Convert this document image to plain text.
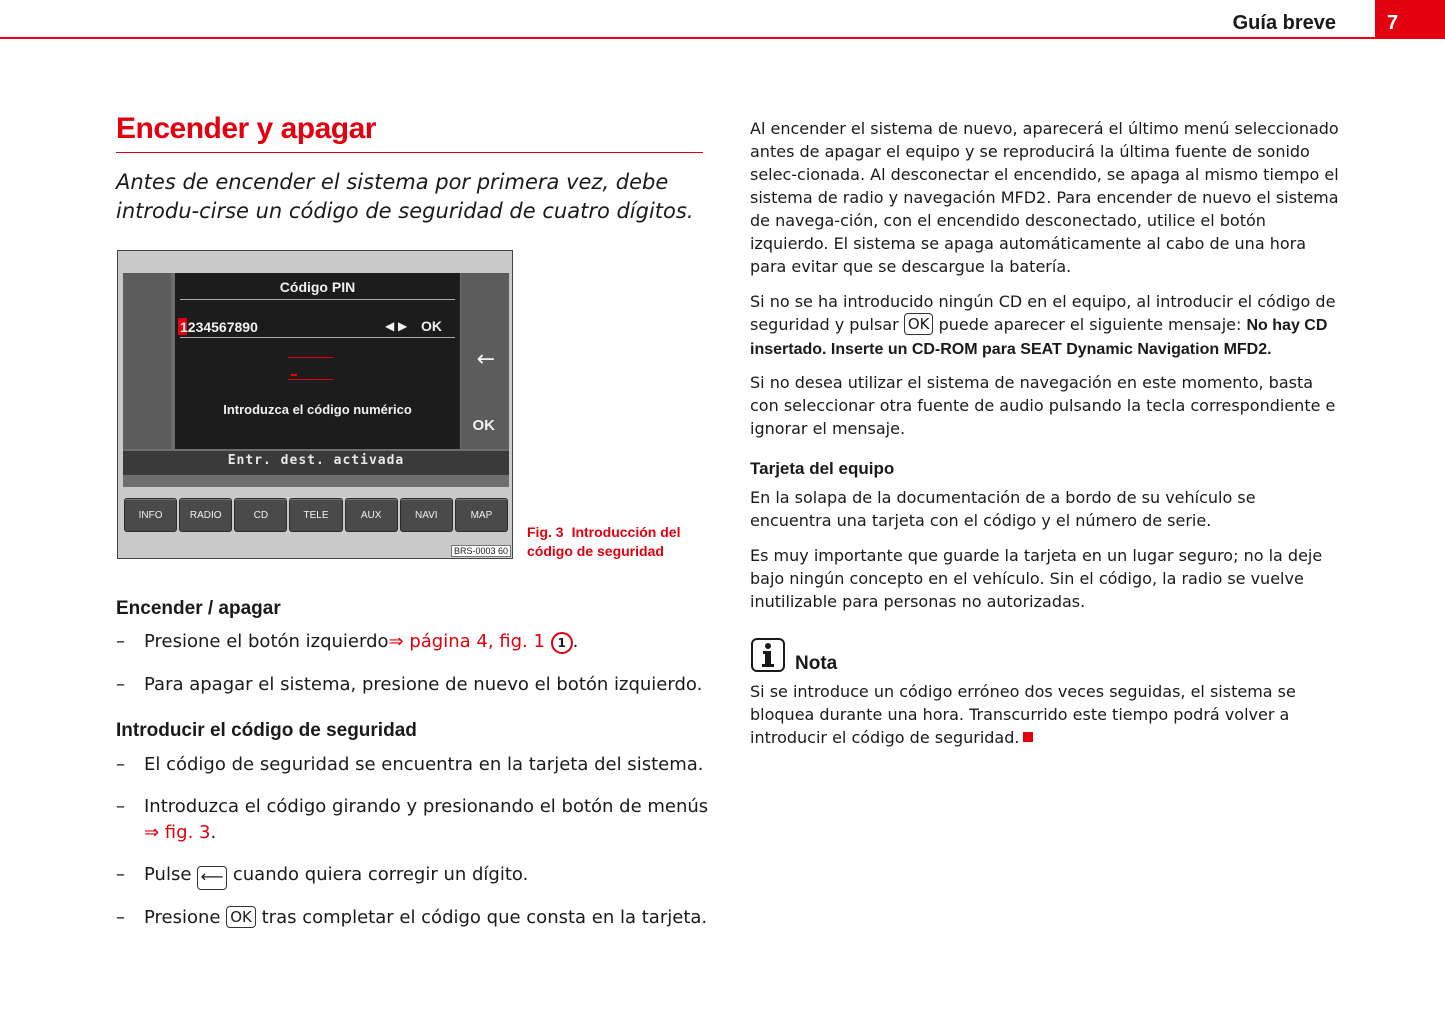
Guía breve	7
Encender y apagar
Antes de encender el sistema por primera vez, debe introdu-cirse un código de seguridad de cuatro dígitos.
←
OK
Código PIN
1234567890	◀ ▶ OK
Introduzca el código numérico
Entr. dest. activada
INFO	RADIO	CD	TELE	AUX	NAVI	MAP
BRS-0003 60
Fig. 3 Introducción del código de seguridad
Encender / apagar
– Presione el botón izquierdo⇒ página 4, fig. 1 1 .
– Para apagar el sistema, presione de nuevo el botón izquierdo.
Introducir el código de seguridad
– El código de seguridad se encuentra en la tarjeta del sistema.
– Introduzca el código girando y presionando el botón de menús
⇒ fig. 3.
– Pulse ⟵ cuando quiera corregir un dígito.
– Presione OK tras completar el código que consta en la tarjeta.
Al encender el sistema de nuevo, aparecerá el último menú seleccionado antes de apagar el equipo y se reproducirá la última fuente de sonido selec-cionada. Al desconectar el encendido, se apaga al mismo tiempo el sistema de radio y navegación MFD2. Para encender de nuevo el sistema de navega-ción, con el encendido desconectado, utilice el botón izquierdo. El sistema se apaga automáticamente al cabo de una hora para evitar que se descargue la batería.
Si no se ha introducido ningún CD en el equipo, al introducir el código de seguridad y pulsar OK puede aparecer el siguiente mensaje: No hay CD insertado. Inserte un CD-ROM para SEAT Dynamic Navigation MFD2.
Si no desea utilizar el sistema de navegación en este momento, basta con seleccionar otra fuente de audio pulsando la tecla correspondiente e ignorar el mensaje.
Tarjeta del equipo
En la solapa de la documentación de a bordo de su vehículo se encuentra una tarjeta con el código y el número de serie.
Es muy importante que guarde la tarjeta en un lugar seguro; no la deje bajo ningún concepto en el vehículo. Sin el código, la radio se vuelve inutilizable para personas no autorizadas.
Nota
Si se introduce un código erróneo dos veces seguidas, el sistema se bloquea durante una hora. Transcurrido este tiempo podrá volver a introducir el código de seguridad.
